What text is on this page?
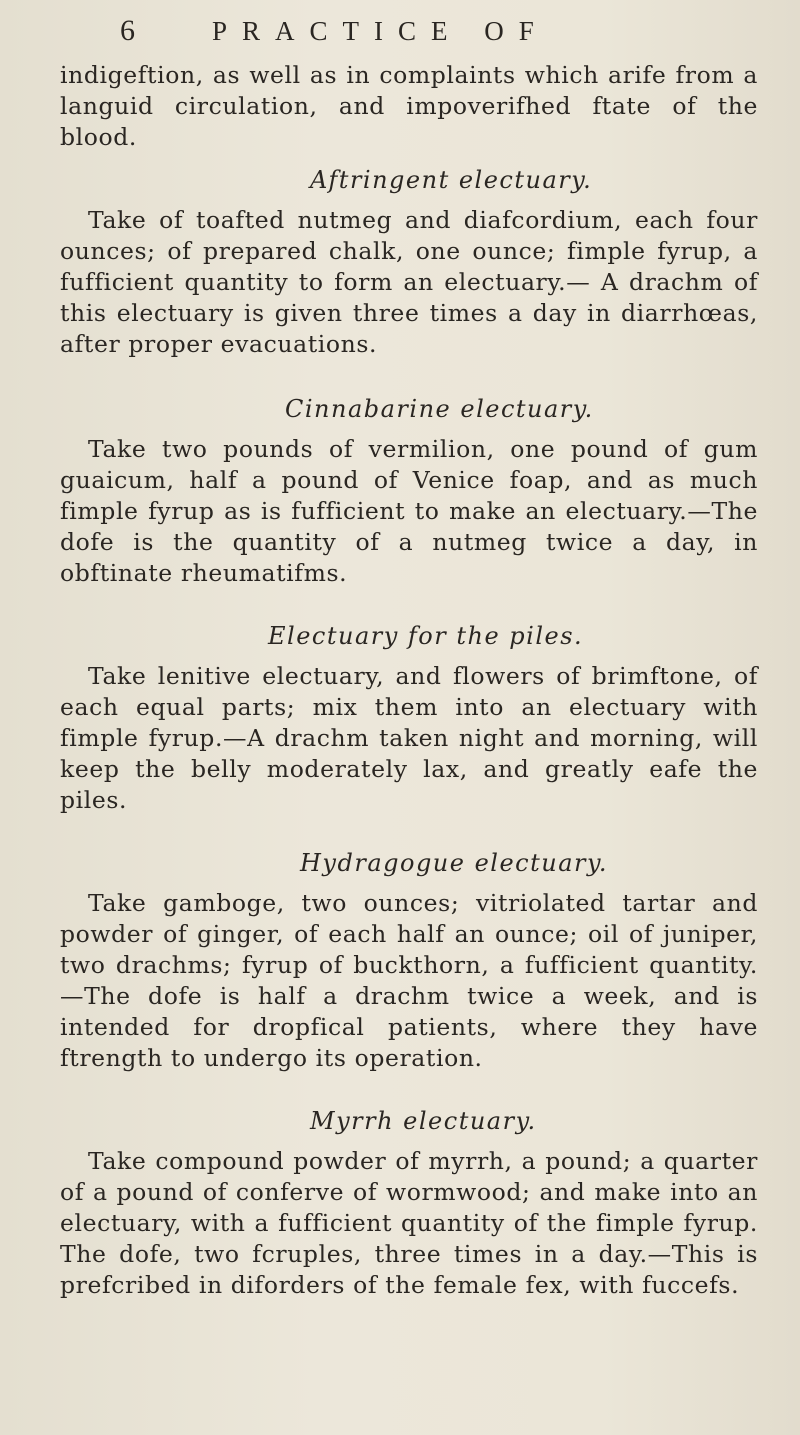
6	PRACTICE OF

indigeftion, as well as in complaints which arife from a languid circulation, and impoverifhed ftate of the blood.

Aftringent electuary.

Take of toafted nutmeg and diafcordium, each four ounces; of prepared chalk, one ounce; fimple fyrup, a fufficient quantity to form an electuary.— A drachm of this electuary is given three times a day in diarrhœas, after proper evacuations.

Cinnabarine electuary.

Take two pounds of vermilion, one pound of gum guaicum, half a pound of Venice foap, and as much fimple fyrup as is fufficient to make an electuary.—The dofe is the quantity of a nutmeg twice a day, in obftinate rheumatifms.

Electuary for the piles.

Take lenitive electuary, and flowers of brimftone, of each equal parts; mix them into an electuary with fimple fyrup.—A drachm taken night and morning, will keep the belly moderately lax, and greatly eafe the piles.

Hydragogue electuary.

Take gamboge, two ounces; vitriolated tartar and powder of ginger, of each half an ounce; oil of juniper, two drachms; fyrup of buckthorn, a fufficient quantity.—The dofe is half a drachm twice a week, and is intended for dropfical patients, where they have ftrength to undergo its operation.

Myrrh electuary.

Take compound powder of myrrh, a pound; a quarter of a pound of conferve of wormwood; and make into an electuary, with a fufficient quantity of the fimple fyrup. The dofe, two fcruples, three times in a day.—This is prefcribed in diforders of the female fex, with fuccefs.
